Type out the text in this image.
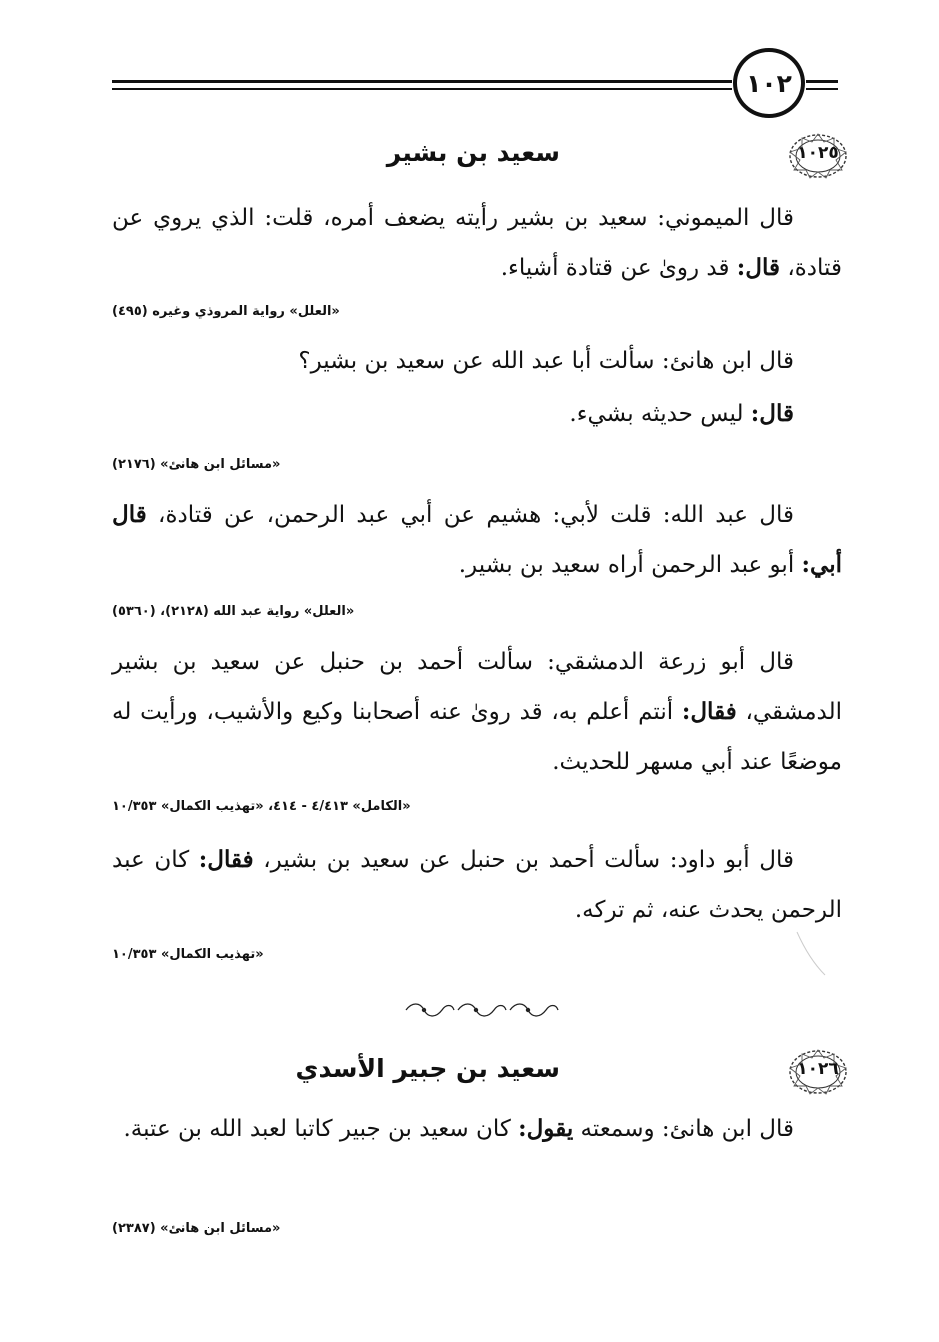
١٠٢
سعيد بن بشير	١٠٢٥
قال الميموني: سعيد بن بشير رأيته يضعف أمره، قلت: الذي يروي عن قتادة، قال: قد روىٰ عن قتادة أشياء.
«العلل» رواية المروذي وغيره (٤٩٥)
قال ابن هانئ: سألت أبا عبد الله عن سعيد بن بشير؟
قال: ليس حديثه بشيء.
«مسائل ابن هانئ» (٢١٧٦)
قال عبد الله: قلت لأبي: هشيم عن أبي عبد الرحمن، عن قتادة، قال أبي: أبو عبد الرحمن أراه سعيد بن بشير.
«العلل» رواية عبد الله (٢١٢٨)، (٥٣٦٠)
قال أبو زرعة الدمشقي: سألت أحمد بن حنبل عن سعيد بن بشير الدمشقي، فقال: أنتم أعلم به، قد روىٰ عنه أصحابنا وكيع والأشيب، ورأيت له موضعًا عند أبي مسهر للحديث.
«الكامل» ٤/٤١٣ - ٤١٤، «تهذيب الكمال» ١٠/٣٥٣
قال أبو داود: سألت أحمد بن حنبل عن سعيد بن بشير، فقال: كان عبد الرحمن يحدث عنه، ثم تركه.
«تهذيب الكمال» ١٠/٣٥٣
سعيد بن جبير الأسدي	١٠٢٦
قال ابن هانئ: وسمعته يقول: كان سعيد بن جبير كاتبا لعبد الله بن عتبة.
«مسائل ابن هانئ» (٢٣٨٧)
